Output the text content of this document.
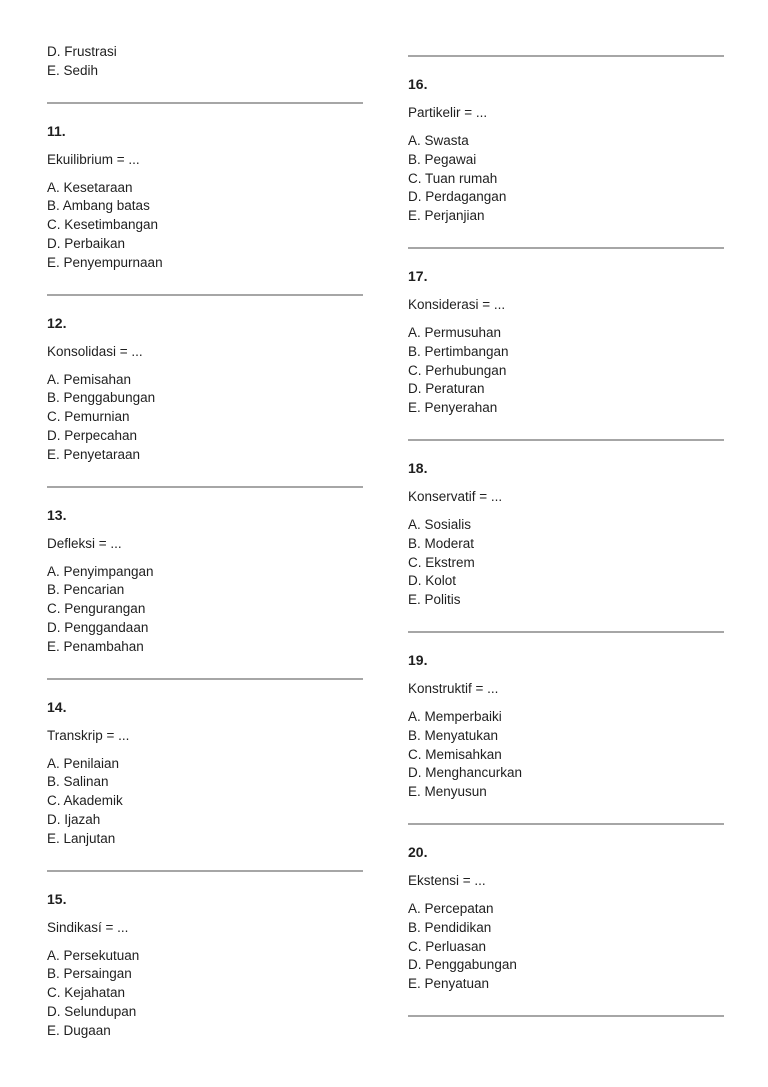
D. Frustrasi

E. Sedih

11.

Ekuilibrium = ...

A. Kesetaraan

B. Ambang batas

C. Kesetimbangan

D. Perbaikan

E. Penyempurnaan

12.

Konsolidasi = ...

A. Pemisahan

B. Penggabungan

C. Pemurnian

D. Perpecahan

E. Penyetaraan

13.

Defleksi = ...

A. Penyimpangan

B. Pencarian

C. Pengurangan

D. Penggandaan

E. Penambahan

14.

Transkrip = ...

A. Penilaian

B. Salinan

C. Akademik

D. Ijazah

E. Lanjutan

15.

Sindikasí = ...

A. Persekutuan

B. Persaingan

C. Kejahatan

D. Selundupan

E. Dugaan

16.

Partikelir = ...

A. Swasta

B. Pegawai

C. Tuan rumah

D. Perdagangan

E. Perjanjian

17.

Konsiderasi = ...

A. Permusuhan

B. Pertimbangan

C. Perhubungan

D. Peraturan

E. Penyerahan

18.

Konservatif = ...

A. Sosialis

B. Moderat

C. Ekstrem

D. Kolot

E. Politis

19.

Konstruktif = ...

A. Memperbaiki

B. Menyatukan

C. Memisahkan

D. Menghancurkan

E. Menyusun

20.

Ekstensi = ...

A. Percepatan

B. Pendidikan

C. Perluasan

D. Penggabungan

E. Penyatuan
